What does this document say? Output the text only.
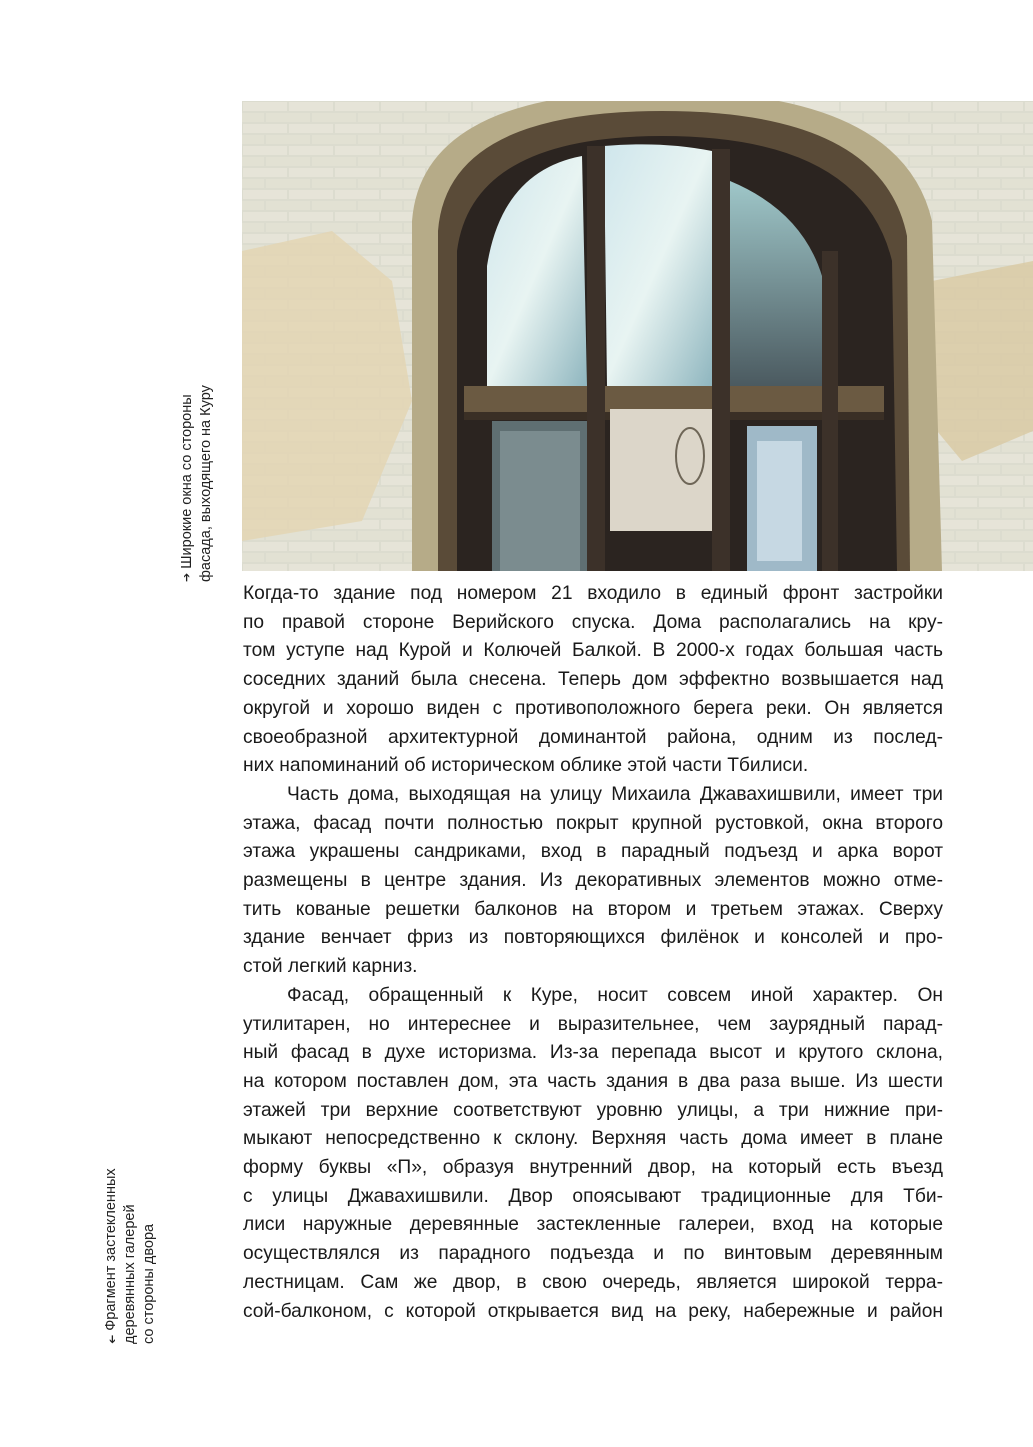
➔ Широкие окна со стороны фасада, выходящего на Куру
➔ Фрагмент застекленных деревянных галерей со стороны двора

Когда-то здание под номером 21 входило в единый фронт застройки
по правой стороне Верийского спуска. Дома располагались на кру-
том уступе над Курой и Колючей Балкой. В 2000-х годах большая часть
соседних зданий была снесена. Теперь дом эффектно возвышается над
округой и хорошо виден с противоположного берега реки. Он является
своеобразной архитектурной доминантой района, одним из послед-
них напоминаний об историческом облике этой части Тбилиси.

Часть дома, выходящая на улицу Михаила Джавахишвили, имеет три
этажа, фасад почти полностью покрыт крупной рустовкой, окна второго
этажа украшены сандриками, вход в парадный подъезд и арка ворот
размещены в центре здания. Из декоративных элементов можно отме-
тить кованые решетки балконов на втором и третьем этажах. Сверху
здание венчает фриз из повторяющихся филёнок и консолей и про-
стой легкий карниз.

Фасад, обращенный к Куре, носит совсем иной характер. Он
утилитарен, но интереснее и выразительнее, чем заурядный парад-
ный фасад в духе историзма. Из-за перепада высот и крутого склона,
на котором поставлен дом, эта часть здания в два раза выше. Из шести
этажей три верхние соответствуют уровню улицы, а три нижние при-
мыкают непосредственно к склону. Верхняя часть дома имеет в плане
форму буквы «П», образуя внутренний двор, на который есть въезд
с улицы Джавахишвили. Двор опоясывают традиционные для Тби-
лиси наружные деревянные застекленные галереи, вход на которые
осуществлялся из парадного подъезда и по винтовым деревянным
лестницам. Сам же двор, в свою очередь, является широкой терра-
сой-балконом, с которой открывается вид на реку, набережные и район
